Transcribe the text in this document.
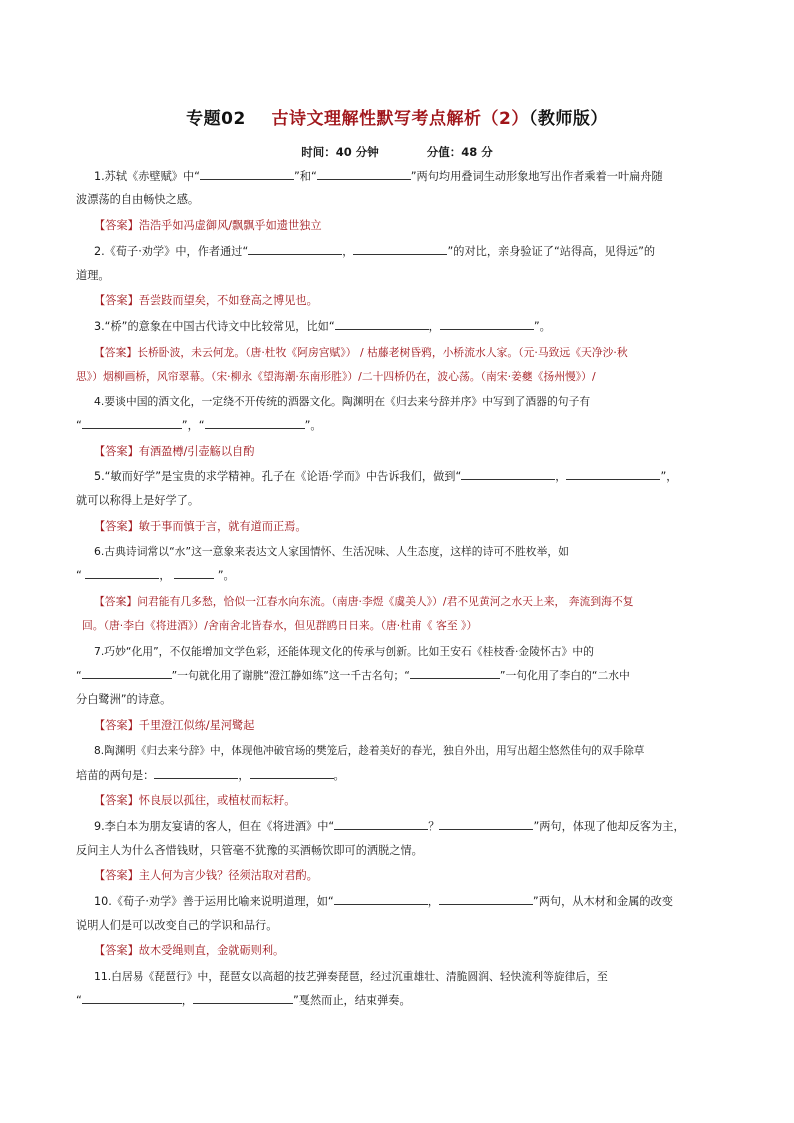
专题02 古诗文理解性默写考点解析（2）（教师版）
时间：40 分钟	分值：48 分
1.苏轼《赤壁赋》中“	”和“	”两句均用叠词生动形象地写出作者乘着一叶扁舟随
波漂荡的自由畅快之感。
【答案】浩浩乎如冯虚御风/飘飘乎如遗世独立
2.《荀子·劝学》中，作者通过“	，	”的对比，亲身验证了“站得高，见得远”的
道理。
【答案】吾尝跂而望矣，不如登高之博见也。
3.“桥”的意象在中国古代诗文中比较常见，比如“	，	”。
【答案】长桥卧波，未云何龙。（唐·杜牧《阿房宫赋》） / 枯藤老树昏鸦，小桥流水人家。（元·马致远《天净沙·秋
思》）烟柳画桥，风帘翠幕。（宋·柳永《望海潮·东南形胜》）/二十四桥仍在，波心荡。（南宋·姜夔《扬州慢》）/
4.要谈中国的酒文化，一定绕不开传统的酒器文化。陶渊明在《归去来兮辞并序》中写到了酒器的句子有
“	”，“	”。
【答案】有酒盈樽/引壶觞以自酌
5.“敏而好学”是宝贵的求学精神。孔子在《论语·学而》中告诉我们，做到“	，	”，
就可以称得上是好学了。
【答案】敏于事而慎于言，就有道而正焉。
6.古典诗词常以“水”这一意象来表达文人家国情怀、生活况味、人生态度，这样的诗可不胜枚举，如
“	，	”。
【答案】问君能有几多愁，恰似一江春水向东流。（南唐·李煜《虞美人》）/君不见黄河之水天上来， 奔流到海不复
回。（唐·李白《将进酒》）/舍南舍北皆春水，但见群鸥日日来。（唐·杜甫《 客至 》）
7.巧妙“化用”，不仅能增加文学色彩，还能体现文化的传承与创新。比如王安石《桂枝香·金陵怀古》中的
“	”一句就化用了谢朓“澄江静如练”这一千古名句；“	”一句化用了李白的“二水中
分白鹭洲”的诗意。
【答案】千里澄江似练/星河鹭起
8.陶渊明《归去来兮辞》中，体现他冲破官场的樊笼后，趁着美好的春光，独自外出，用写出超尘悠然佳句的双手除草
培苗的两句是：	，	。
【答案】怀良辰以孤往，或植杖而耘耔。
9.李白本为朋友宴请的客人，但在《将进酒》中“	？	”两句，体现了他却反客为主，
反问主人为什么吝惜钱财，只管毫不犹豫的买酒畅饮即可的洒脱之情。
【答案】主人何为言少钱？径须沽取对君酌。
10.《荀子·劝学》善于运用比喻来说明道理，如“	，	”两句，从木材和金属的改变
说明人们是可以改变自己的学识和品行。
【答案】故木受绳则直，金就砺则利。
11.白居易《琵琶行》中，琵琶女以高超的技艺弹奏琵琶，经过沉重雄壮、清脆圆润、轻快流利等旋律后，至
“	，	”戛然而止，结束弹奏。
